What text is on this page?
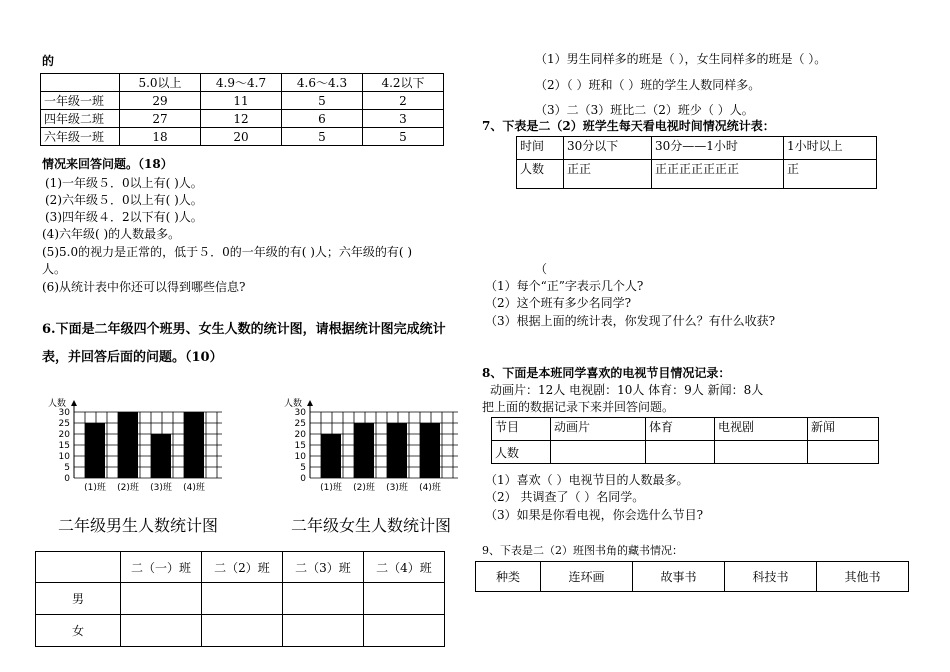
的
	5.0以上	4.9～4.7	4.6～4.3	4.2以下
一年级一班	29	11	5	2
四年级二班	27	12	6	3
六年级一班	18	20	5	5
情况来回答问题。（18）
(1)一年级５．0以上有( )人。
(2)六年级５．0以上有( )人。
(3)四年级４．2以下有( )人。
(4)六年级( )的人数最多。
(5)5.0的视力是正常的，低于５．0的一年级的有( )人；六年级的有( )
人。
(6)从统计表中你还可以得到哪些信息?
6.下面是二年级四个班男、女生人数的统计图，请根据统计图完成统计
表，并回答后面的问题。（10）
0
5
10
15
20
25
30
人数
(1)班 (2)班 (3)班 (4)班
0
5
10
15
20
25
30
人数
(1)班 (2)班 (3)班 (4)班
二年级男生人数统计图	二年级女生人数统计图
	二（一）班	二（2）班	二（3）班	二（4）班
男				
女				
（1）男生同样多的班是（ ），女生同样多的班是（ ）。
（2）（ ）班和（ ）班的学生人数同样多。
（3）二（3）班比二（2）班少（ ）人。
7、下表是二（2）班学生每天看电视时间情况统计表：
时间	30分以下	30分——1小时	1小时以上
人数	正正	正正正正正正正	正
（
（1）每个“正”字表示几个人?
（2）这个班有多少名同学?
（3）根据上面的统计表，你发现了什么？有什么收获?
8、下面是本班同学喜欢的电视节目情况记录：
动画片：12人 电视剧：10人 体育：9人 新闻：8人
把上面的数据记录下来并回答问题。
节目	动画片	体育	电视剧	新闻
人数				
（1）喜欢（ ）电视节目的人数最多。
（2） 共调查了（ ）名同学。
（3）如果是你看电视，你会选什么节目?
9、下表是二（2）班图书角的藏书情况：
种类	连环画	故事书	科技书	其他书
